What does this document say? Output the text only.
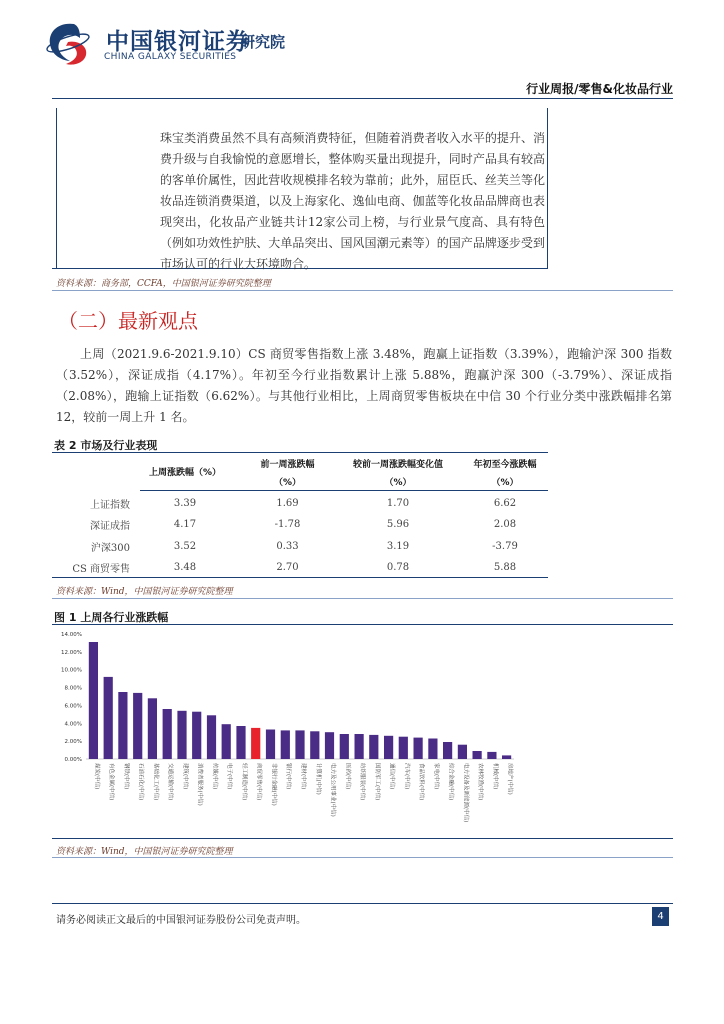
中国银河证券
研究院
CHINA GALAXY SECURITIES
行业周报/零售&化妆品行业
珠宝类消费虽然不具有高频消费特征，但随着消费者收入水平的提升、消费升级与自我愉悦的意愿增长，整体购买量出现提升，同时产品具有较高的客单价属性，因此营收规模排名较为靠前；此外，屈臣氏、丝芙兰等化妆品连锁消费渠道，以及上海家化、逸仙电商、伽蓝等化妆品品牌商也表现突出，化妆品产业链共计12家公司上榜，与行业景气度高、具有特色（例如功效性护肤、大单品突出、国风国潮元素等）的国产品牌逐步受到市场认可的行业大环境吻合。
资料来源：商务部，CCFA，中国银河证券研究院整理
（二）最新观点
上周（2021.9.6-2021.9.10）CS 商贸零售指数上涨 3.48%，跑赢上证指数（3.39%），跑输沪深 300 指数（3.52%），深证成指（4.17%）。年初至今行业指数累计上涨 5.88%，跑赢沪深 300（-3.79%）、深证成指（2.08%），跑输上证指数（6.62%）。与其他行业相比，上周商贸零售板块在中信 30 个行业分类中涨跌幅排名第 12，较前一周上升 1 名。
表 2 市场及行业表现
上周涨跌幅（%）
前一周涨跌幅
（%）
较前一周涨跌幅变化值
（%）
年初至今涨跌幅
（%）
上证指数	3.39	1.69	1.70	6.62
深证成指	4.17	-1.78	5.96	2.08
沪深300	3.52	0.33	3.19	-3.79
CS 商贸零售	3.48	2.70	0.78	5.88
资料来源：Wind，中国银河证券研究院整理
图 1 上周各行业涨跌幅
14.00%
12.00%
10.00%
8.00%
6.00%
4.00%
2.00%
0.00%
煤炭(中信)	有色金属(中信)	钢铁(中信)	石油石化(中信)	基础化工(中信)	交通运输(中信)	建筑(中信)	消费者服务(中信)	传媒(中信)	电子(中信)	轻工制造(中信)	商贸零售(中信)	非银行金融(中信)	银行(中信)	建材(中信)	计算机(中信)	电力及公用事业(中信)	医药(中信)	纺织服装(中信)	国防军工(中信)	通信(中信)	汽车(中信)	食品饮料(中信)	家电(中信)	综合金融(中信)	电力设备及新能源(中信)	农林牧渔(中信)	机械(中信)	房地产(中信)
资料来源：Wind，中国银河证券研究院整理
请务必阅读正文最后的中国银河证券股份公司免责声明。	4
